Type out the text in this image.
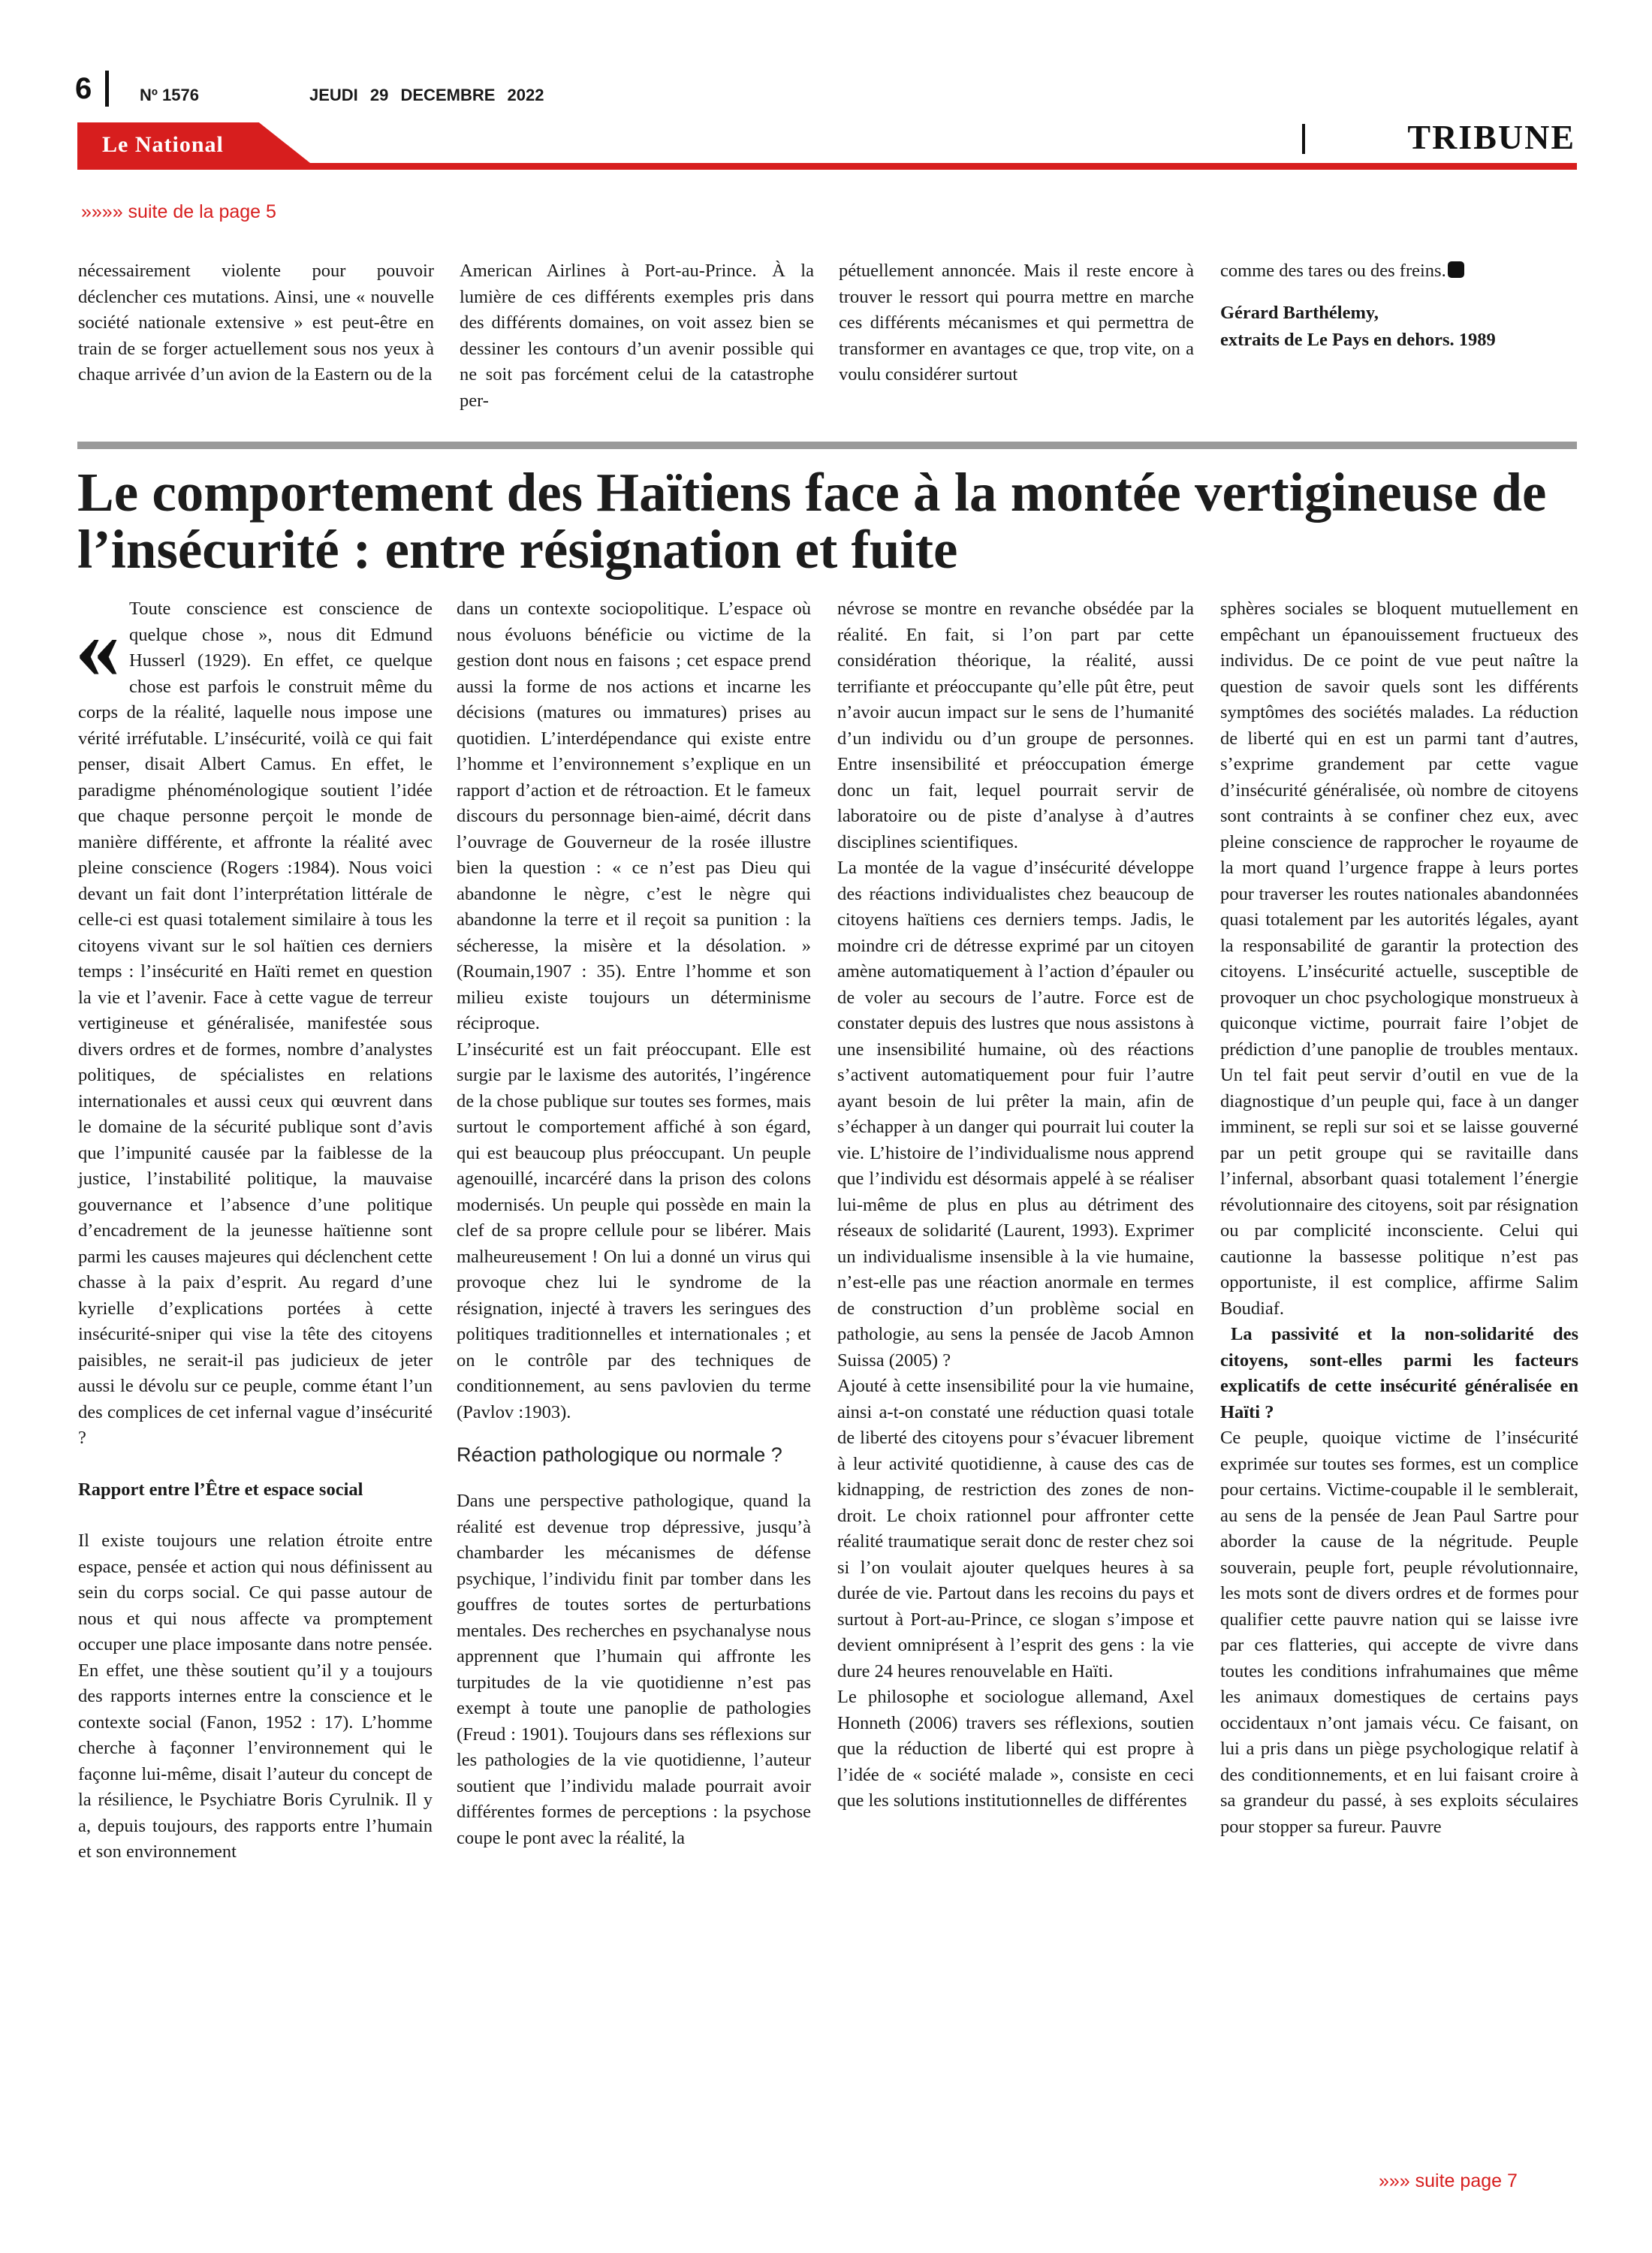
6	Nº 1576	JEUDI 29 DECEMBRE 2022
Le National	TRIBUNE
»»»» suite de la page 5

nécessairement violente pour pouvoir déclencher ces mutations. Ainsi, une « nouvelle société nationale extensive » est peut-être en train de se forger actuellement sous nos yeux à chaque arrivée d’un avion de la Eastern ou de la

American Airlines à Port-au-Prince. À la lumière de ces différents exemples pris dans des différents domaines, on voit assez bien se dessiner les contours d’un avenir possible qui ne soit pas forcément celui de la catastrophe per-

pétuellement annoncée. Mais il reste encore à trouver le ressort qui pourra mettre en marche ces différents mécanismes et qui permettra de transformer en avantages ce que, trop vite, on a voulu considérer surtout

comme des tares ou des freins.

Gérard Barthélemy,
extraits de Le Pays en dehors. 1989

Le comportement des Haïtiens face à la montée vertigineuse de l’insécurité : entre résignation et fuite
« Toute conscience est conscience de quelque chose », nous dit Edmund Husserl (1929). En effet, ce quelque chose est parfois le construit même du corps de la réalité, laquelle nous impose une vérité irréfutable. L’insécurité, voilà ce qui fait penser, disait Albert Camus. En effet, le paradigme phénoménologique soutient l’idée que chaque personne perçoit le monde de manière différente, et affronte la réalité avec pleine conscience (Rogers :1984). Nous voici devant un fait dont l’interprétation littérale de celle-ci est quasi totalement similaire à tous les citoyens vivant sur le sol haïtien ces derniers temps : l’insécurité en Haïti remet en question la vie et l’avenir. Face à cette vague de terreur vertigineuse et généralisée, manifestée sous divers ordres et de formes, nombre d’analystes politiques, de spécialistes en relations internationales et aussi ceux qui œuvrent dans le domaine de la sécurité publique sont d’avis que l’impunité causée par la faiblesse de la justice, l’instabilité politique, la mauvaise gouvernance et l’absence d’une politique d’encadrement de la jeunesse haïtienne sont parmi les causes majeures qui déclenchent cette chasse à la paix d’esprit. Au regard d’une kyrielle d’explications portées à cette insécurité-sniper qui vise la tête des citoyens paisibles, ne serait-il pas judicieux de jeter aussi le dévolu sur ce peuple, comme étant l’un des complices de cet infernal vague d’insécurité ?

Rapport entre l’Être et espace social

Il existe toujours une relation étroite entre espace, pensée et action qui nous définissent au sein du corps social. Ce qui passe autour de nous et qui nous affecte va promptement occuper une place imposante dans notre pensée. En effet, une thèse soutient qu’il y a toujours des rapports internes entre la conscience et le contexte social (Fanon, 1952 : 17). L’homme cherche à façonner l’environnement qui le façonne lui-même, disait l’auteur du concept de la résilience, le Psychiatre Boris Cyrulnik. Il y a, depuis toujours, des rapports entre l’humain et son environnement

dans un contexte sociopolitique. L’espace où nous évoluons bénéficie ou victime de la gestion dont nous en faisons ; cet espace prend aussi la forme de nos actions et incarne les décisions (matures ou immatures) prises au quotidien. L’interdépendance qui existe entre l’homme et l’environnement s’explique en un rapport d’action et de rétroaction. Et le fameux discours du personnage bien-aimé, décrit dans l’ouvrage de Gouverneur de la rosée illustre bien la question : « ce n’est pas Dieu qui abandonne le nègre, c’est le nègre qui abandonne la terre et il reçoit sa punition : la sécheresse, la misère et la désolation. » (Roumain,1907 : 35). Entre l’homme et son milieu existe toujours un déterminisme réciproque.

L’insécurité est un fait préoccupant. Elle est surgie par le laxisme des autorités, l’ingérence de la chose publique sur toutes ses formes, mais surtout le comportement affiché à son égard, qui est beaucoup plus préoccupant. Un peuple agenouillé, incarcéré dans la prison des colons modernisés. Un peuple qui possède en main la clef de sa propre cellule pour se libérer. Mais malheureusement ! On lui a donné un virus qui provoque chez lui le syndrome de la résignation, injecté à travers les seringues des politiques traditionnelles et internationales ; et on le contrôle par des techniques de conditionnement, au sens pavlovien du terme (Pavlov :1903).

Réaction pathologique ou normale ?

Dans une perspective pathologique, quand la réalité est devenue trop dépressive, jusqu’à chambarder les mécanismes de défense psychique, l’individu finit par tomber dans les gouffres de toutes sortes de perturbations mentales. Des recherches en psychanalyse nous apprennent que l’humain qui affronte les turpitudes de la vie quotidienne n’est pas exempt à toute une panoplie de pathologies (Freud : 1901). Toujours dans ses réflexions sur les pathologies de la vie quotidienne, l’auteur soutient que l’individu malade pourrait avoir différentes formes de perceptions : la psychose coupe le pont avec la réalité, la

névrose se montre en revanche obsédée par la réalité. En fait, si l’on part par cette considération théorique, la réalité, aussi terrifiante et préoccupante qu’elle pût être, peut n’avoir aucun impact sur le sens de l’humanité d’un individu ou d’un groupe de personnes. Entre insensibilité et préoccupation émerge donc un fait, lequel pourrait servir de laboratoire ou de piste d’analyse à d’autres disciplines scientifiques.

La montée de la vague d’insécurité développe des réactions individualistes chez beaucoup de citoyens haïtiens ces derniers temps. Jadis, le moindre cri de détresse exprimé par un citoyen amène automatiquement à l’action d’épauler ou de voler au secours de l’autre. Force est de constater depuis des lustres que nous assistons à une insensibilité humaine, où des réactions s’activent automatiquement pour fuir l’autre ayant besoin de lui prêter la main, afin de s’échapper à un danger qui pourrait lui couter la vie. L’histoire de l’individualisme nous apprend que l’individu est désormais appelé à se réaliser lui-même de plus en plus au détriment des réseaux de solidarité (Laurent, 1993). Exprimer un individualisme insensible à la vie humaine, n’est-elle pas une réaction anormale en termes de construction d’un problème social en pathologie, au sens la pensée de Jacob Amnon Suissa (2005) ?

Ajouté à cette insensibilité pour la vie humaine, ainsi a-t-on constaté une réduction quasi totale de liberté des citoyens pour s’évacuer librement à leur activité quotidienne, à cause des cas de kidnapping, de restriction des zones de non-droit. Le choix rationnel pour affronter cette réalité traumatique serait donc de rester chez soi si l’on voulait ajouter quelques heures à sa durée de vie. Partout dans les recoins du pays et surtout à Port-au-Prince, ce slogan s’impose et devient omniprésent à l’esprit des gens : la vie dure 24 heures renouvelable en Haïti.

Le philosophe et sociologue allemand, Axel Honneth (2006) travers ses réflexions, soutien que la réduction de liberté qui est propre à l’idée de « société malade », consiste en ceci que les solutions institutionnelles de différentes

sphères sociales se bloquent mutuellement en empêchant un épanouissement fructueux des individus. De ce point de vue peut naître la question de savoir quels sont les différents symptômes des sociétés malades. La réduction de liberté qui en est un parmi tant d’autres, s’exprime grandement par cette vague d’insécurité généralisée, où nombre de citoyens sont contraints à se confiner chez eux, avec pleine conscience de rapprocher le royaume de la mort quand l’urgence frappe à leurs portes pour traverser les routes nationales abandonnées quasi totalement par les autorités légales, ayant la responsabilité de garantir la protection des citoyens. L’insécurité actuelle, susceptible de provoquer un choc psychologique monstrueux à quiconque victime, pourrait faire l’objet de prédiction d’une panoplie de troubles mentaux. Un tel fait peut servir d’outil en vue de la diagnostique d’un peuple qui, face à un danger imminent, se repli sur soi et se laisse gouverné par un petit groupe qui se ravitaille dans l’infernal, absorbant quasi totalement l’énergie révolutionnaire des citoyens, soit par résignation ou par complicité inconsciente. Celui qui cautionne la bassesse politique n’est pas opportuniste, il est complice, affirme Salim Boudiaf.

La passivité et la non-solidarité des citoyens, sont-elles parmi les facteurs explicatifs de cette insécurité généralisée en Haïti ?

Ce peuple, quoique victime de l’insécurité exprimée sur toutes ses formes, est un complice pour certains. Victime-coupable il le semblerait, au sens de la pensée de Jean Paul Sartre pour aborder la cause de la négritude. Peuple souverain, peuple fort, peuple révolutionnaire, les mots sont de divers ordres et de formes pour qualifier cette pauvre nation qui se laisse ivre par ces flatteries, qui accepte de vivre dans toutes les conditions infrahumaines que même les animaux domestiques de certains pays occidentaux n’ont jamais vécu. Ce faisant, on lui a pris dans un piège psychologique relatif à des conditionnements, et en lui faisant croire à sa grandeur du passé, à ses exploits séculaires pour stopper sa fureur. Pauvre

»»» suite page 7
